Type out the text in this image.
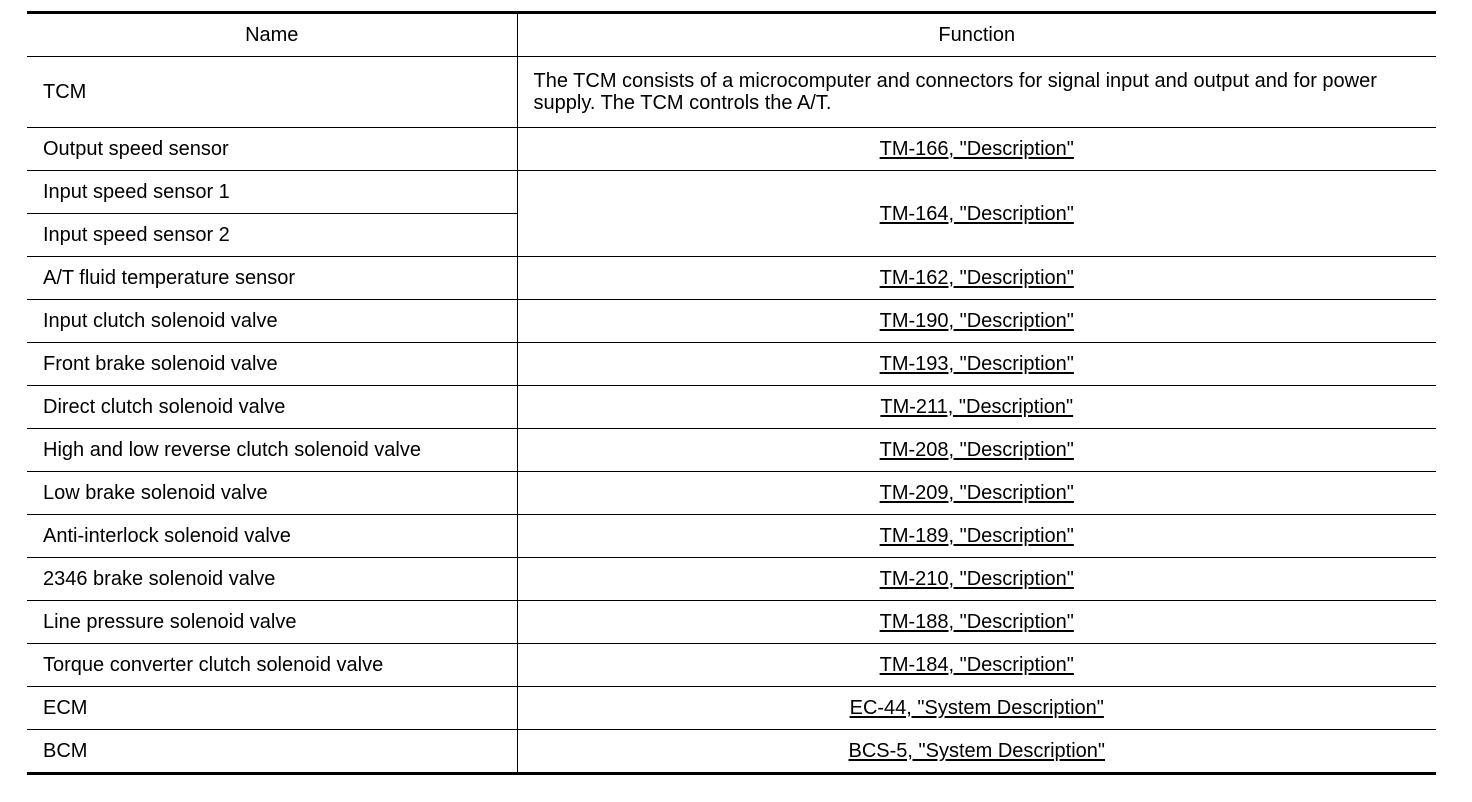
Name	Function
TCM	The TCM consists of a microcomputer and connectors for signal input and output and for power supply. The TCM controls the A/T.
Output speed sensor	TM-166, "Description"
Input speed sensor 1	TM-164, "Description"
Input speed sensor 2	
A/T fluid temperature sensor	TM-162, "Description"
Input clutch solenoid valve	TM-190, "Description"
Front brake solenoid valve	TM-193, "Description"
Direct clutch solenoid valve	TM-211, "Description"
High and low reverse clutch solenoid valve	TM-208, "Description"
Low brake solenoid valve	TM-209, "Description"
Anti-interlock solenoid valve	TM-189, "Description"
2346 brake solenoid valve	TM-210, "Description"
Line pressure solenoid valve	TM-188, "Description"
Torque converter clutch solenoid valve	TM-184, "Description"
ECM	EC-44, "System Description"
BCM	BCS-5, "System Description"
